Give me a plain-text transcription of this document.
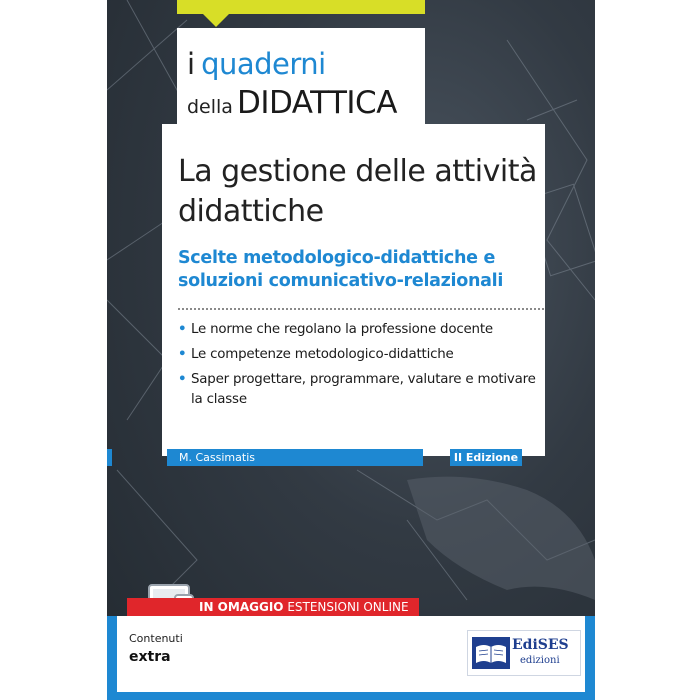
i quaderni
della DIDATTICA
La gestione delle attività didattiche
Scelte metodologico-didattiche e soluzioni comunicativo-relazionali
• Le norme che regolano la professione docente
• Le competenze metodologico-didattiche
• Saper progettare, programmare, valutare e motivare la classe
M. Cassimatis	II Edizione
IN OMAGGIO ESTENSIONI ONLINE
Contenuti
extra
EdiSES
edizioni
